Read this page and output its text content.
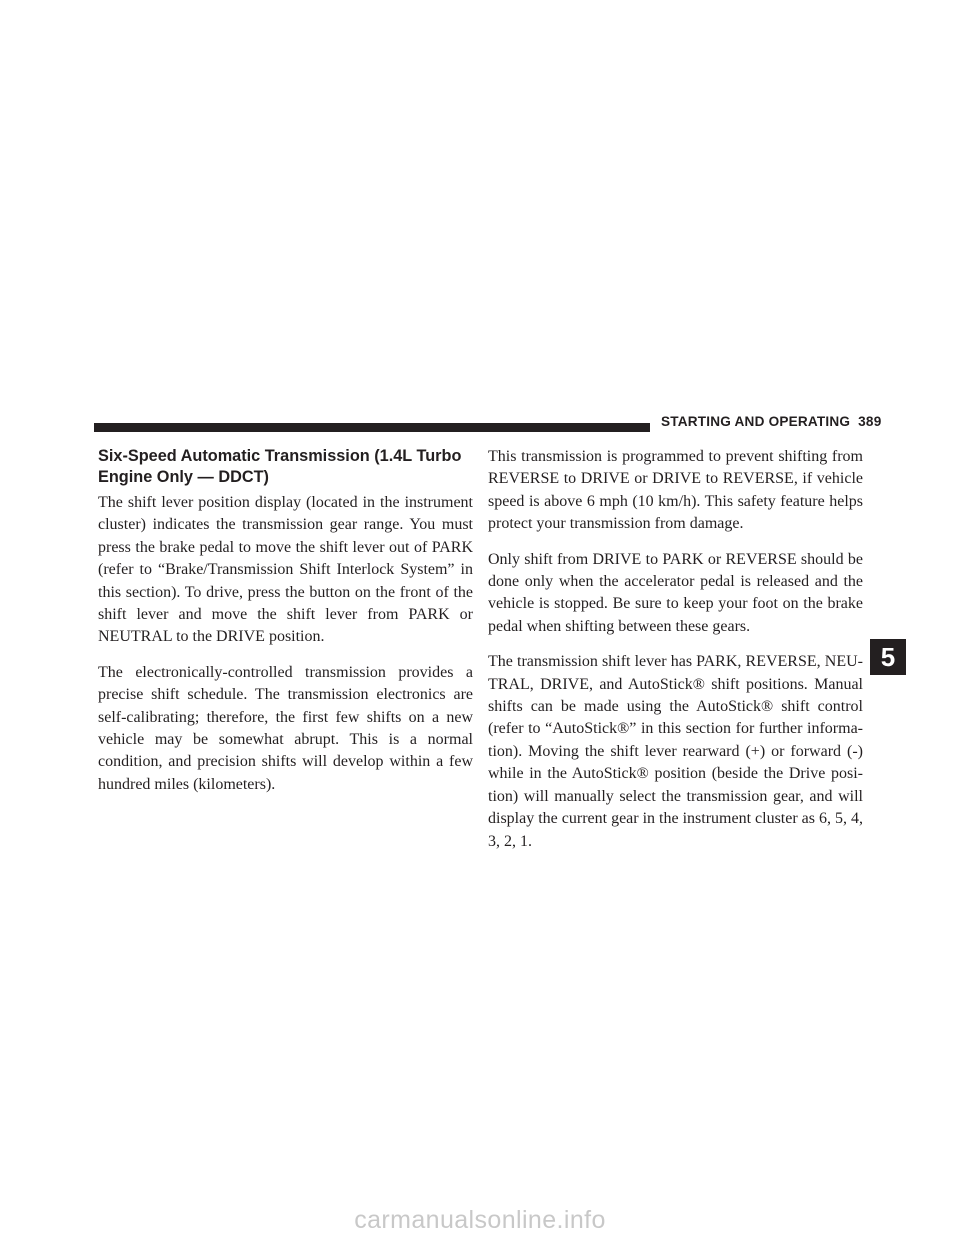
STARTING AND OPERATING 389
Six-Speed Automatic Transmission (1.4L Turbo Engine Only — DDCT)

The shift lever position display (located in the instrument cluster) indicates the transmission gear range. You must press the brake pedal to move the shift lever out of PARK (refer to “Brake/Transmission Shift Interlock System” in this section). To drive, press the button on the front of the shift lever and move the shift lever from PARK or NEUTRAL to the DRIVE position.

The electronically-controlled transmission provides a precise shift schedule. The transmission electronics are self-calibrating; therefore, the first few shifts on a new vehicle may be somewhat abrupt. This is a normal condition, and precision shifts will develop within a few hundred miles (kilometers).

This transmission is programmed to prevent shifting from REVERSE to DRIVE or DRIVE to REVERSE, if vehicle speed is above 6 mph (10 km/h). This safety feature helps protect your transmission from damage.

Only shift from DRIVE to PARK or REVERSE should be done only when the accelerator pedal is released and the vehicle is stopped. Be sure to keep your foot on the brake pedal when shifting between these gears.

The transmission shift lever has PARK, REVERSE, NEU-TRAL, DRIVE, and AutoStick® shift positions. Manual shifts can be made using the AutoStick® shift control (refer to “AutoStick®” in this section for further informa-tion). Moving the shift lever rearward (+) or forward (-) while in the AutoStick® position (beside the Drive posi-tion) will manually select the transmission gear, and will display the current gear in the instrument cluster as 6, 5, 4, 3, 2, 1.

5
carmanualsonline.info
